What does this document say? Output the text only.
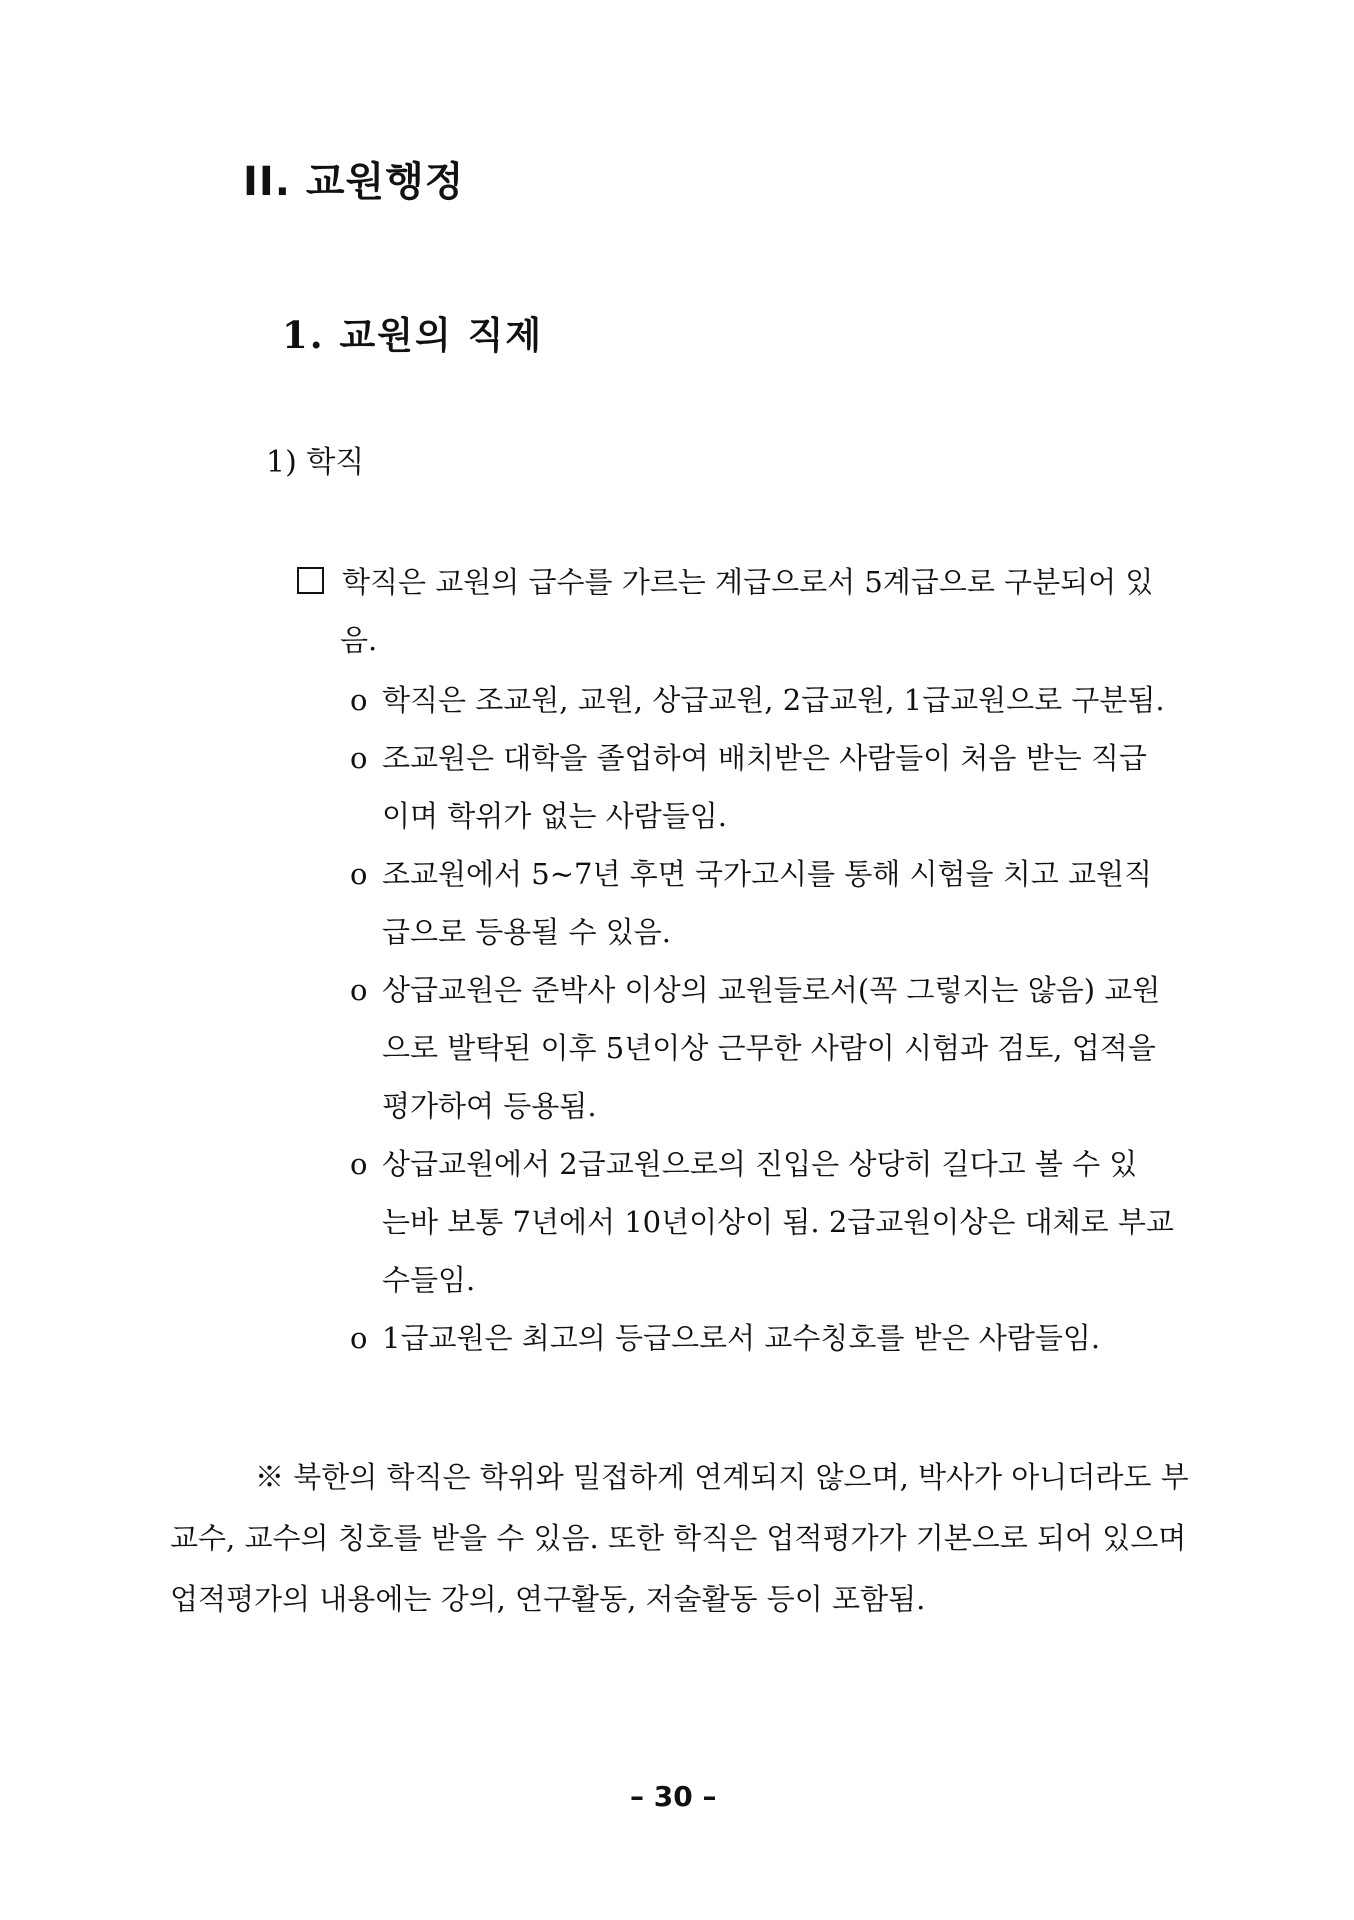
II. 교원행정
1. 교원의 직제
1) 학직
학직은 교원의 급수를 가르는 계급으로서 5계급으로 구분되어 있
음.
o 학직은 조교원, 교원, 상급교원, 2급교원, 1급교원으로 구분됨.
o 조교원은 대학을 졸업하여 배치받은 사람들이 처음 받는 직급
이며 학위가 없는 사람들임.
o 조교원에서 5~7년 후면 국가고시를 통해 시험을 치고 교원직
급으로 등용될 수 있음.
o 상급교원은 준박사 이상의 교원들로서(꼭 그렇지는 않음) 교원
으로 발탁된 이후 5년이상 근무한 사람이 시험과 검토, 업적을
평가하여 등용됨.
o 상급교원에서 2급교원으로의 진입은 상당히 길다고 볼 수 있
는바 보통 7년에서 10년이상이 됨. 2급교원이상은 대체로 부교
수들임.
o 1급교원은 최고의 등급으로서 교수칭호를 받은 사람들임.
※ 북한의 학직은 학위와 밀접하게 연계되지 않으며, 박사가 아니더라도 부교수, 교수의 칭호를 받을 수 있음. 또한 학직은 업적평가가 기본으로 되어 있으며 업적평가의 내용에는 강의, 연구활동, 저술활동 등이 포함됨.
– 30 –
